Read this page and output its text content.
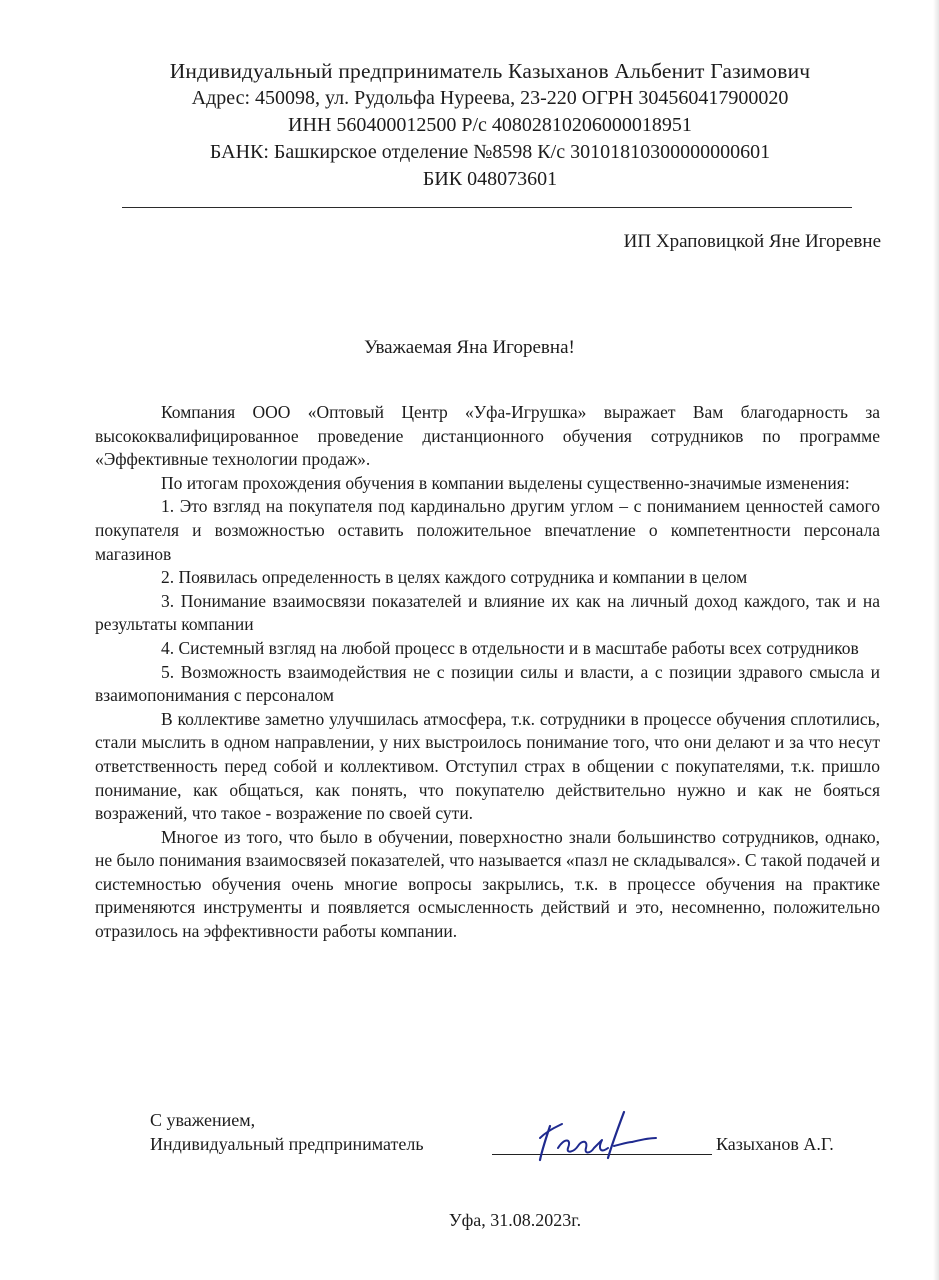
Индивидуальный предприниматель Казыханов Альбенит Газимович
Адрес: 450098, ул. Рудольфа Нуреева, 23-220 ОГРН 304560417900020
ИНН 560400012500 Р/с 40802810206000018951
БАНК: Башкирское отделение №8598 К/с 30101810300000000601
БИК 048073601
ИП Храповицкой Яне Игоревне
Уважаемая Яна Игоревна!

Компания ООО «Оптовый Центр «Уфа-Игрушка» выражает Вам благодарность за высококвалифицированное проведение дистанционного обучения сотрудников по программе «Эффективные технологии продаж».

По итогам прохождения обучения в компании выделены существенно-значимые изменения:

1. Это взгляд на покупателя под кардинально другим углом – с пониманием ценностей самого покупателя и возможностью оставить положительное впечатление о компетентности персонала магазинов

2. Появилась определенность в целях каждого сотрудника и компании в целом

3. Понимание взаимосвязи показателей и влияние их как на личный доход каждого, так и на результаты компании

4. Системный взгляд на любой процесс в отдельности и в масштабе работы всех сотрудников

5. Возможность взаимодействия не с позиции силы и власти, а с позиции здравого смысла и взаимопонимания с персоналом

В коллективе заметно улучшилась атмосфера, т.к. сотрудники в процессе обучения сплотились, стали мыслить в одном направлении, у них выстроилось понимание того, что они делают и за что несут ответственность перед собой и коллективом. Отступил страх в общении с покупателями, т.к. пришло понимание, как общаться, как понять, что покупателю действительно нужно и как не бояться возражений, что такое - возражение по своей сути.

Многое из того, что было в обучении, поверхностно знали большинство сотрудников, однако, не было понимания взаимосвязей показателей, что называется «пазл не складывался». С такой подачей и системностью обучения очень многие вопросы закрылись, т.к. в процессе обучения на практике применяются инструменты и появляется осмысленность действий и это, несомненно, положительно отразилось на эффективности работы компании.

С уважением,
Индивидуальный предприниматель	Казыханов А.Г.
Уфа, 31.08.2023г.
